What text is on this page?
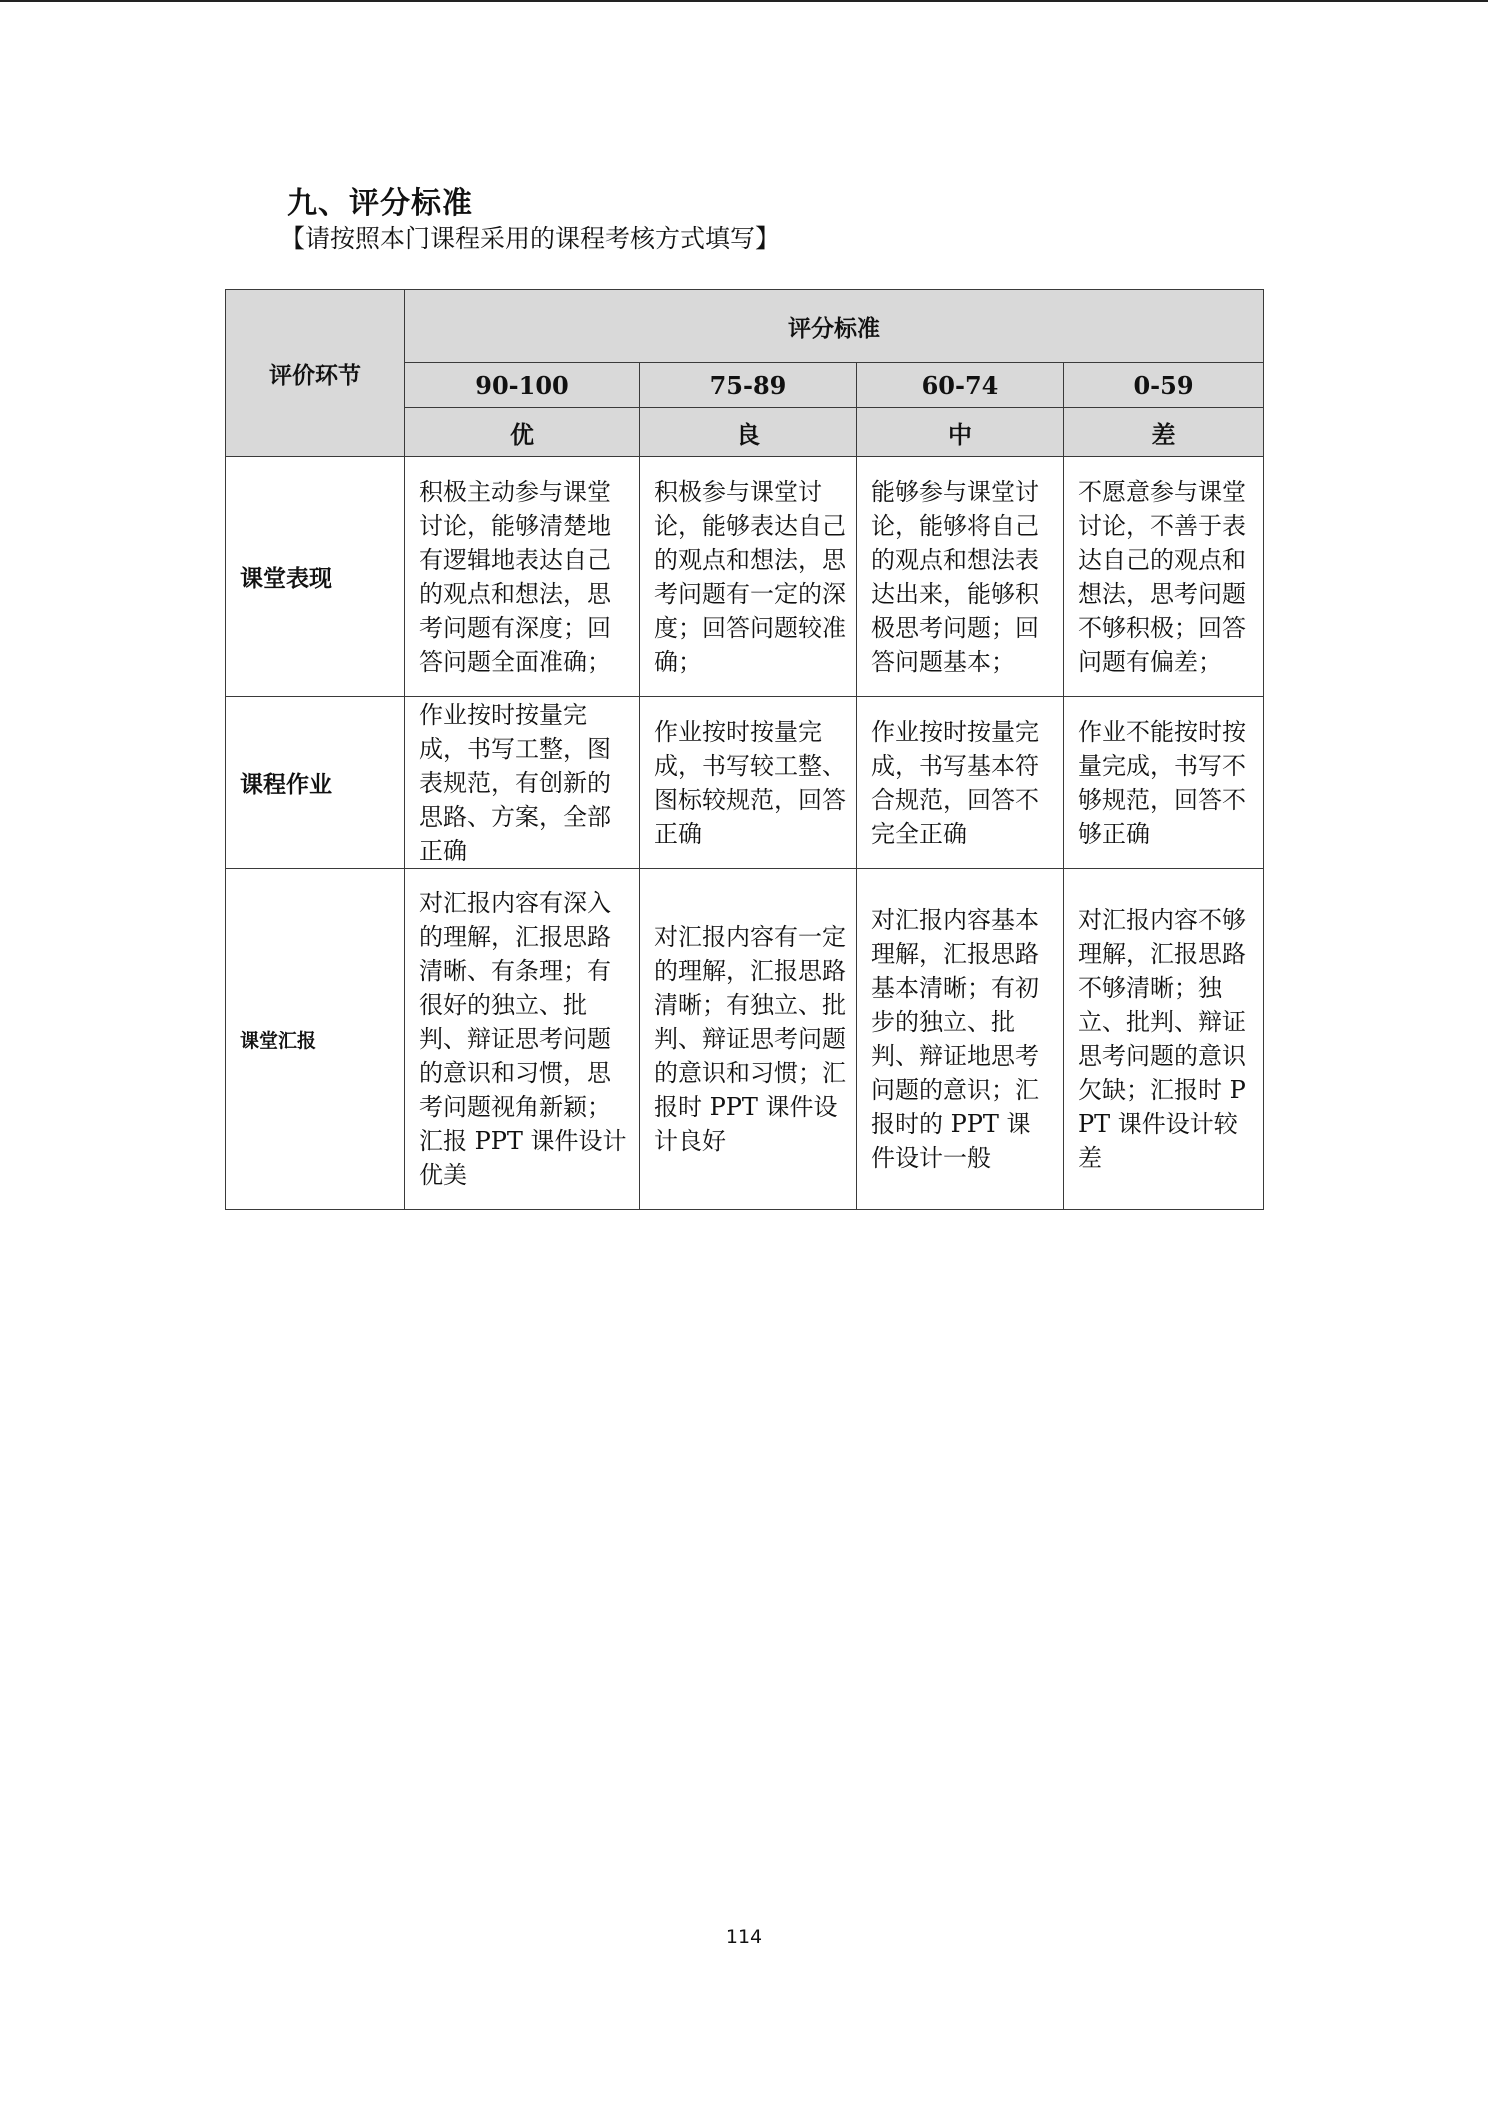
九、评分标准
【请按照本门课程采用的课程考核方式填写】
评价环节	评分标准			
	90-100	75-89	60-74	0-59
	优	良	中	差
课堂表现	积极主动参与课堂讨论，能够清楚地有逻辑地表达自己的观点和想法，思考问题有深度；回答问题全面准确；	积极参与课堂讨论，能够表达自己的观点和想法，思考问题有一定的深度；回答问题较准确；	能够参与课堂讨论，能够将自己的观点和想法表达出来，能够积极思考问题；回答问题基本；	不愿意参与课堂讨论，不善于表达自己的观点和想法，思考问题不够积极；回答问题有偏差；
课程作业	作业按时按量完成，书写工整，图表规范，有创新的思路、方案，全部正确	作业按时按量完成，书写较工整、图标较规范，回答正确	作业按时按量完成，书写基本符合规范，回答不完全正确	作业不能按时按量完成，书写不够规范，回答不够正确
课堂汇报	对汇报内容有深入的理解，汇报思路清晰、有条理；有很好的独立、批判、辩证思考问题的意识和习惯，思考问题视角新颖；汇报 PPT 课件设计优美	对汇报内容有一定的理解，汇报思路清晰；有独立、批判、辩证思考问题的意识和习惯；汇报时 PPT 课件设计良好	对汇报内容基本理解，汇报思路基本清晰；有初步的独立、批判、辩证地思考问题的意识；汇报时的 PPT 课件设计一般	对汇报内容不够理解，汇报思路不够清晰；独立、批判、辩证思考问题的意识欠缺；汇报时 PPT 课件设计较差
114
